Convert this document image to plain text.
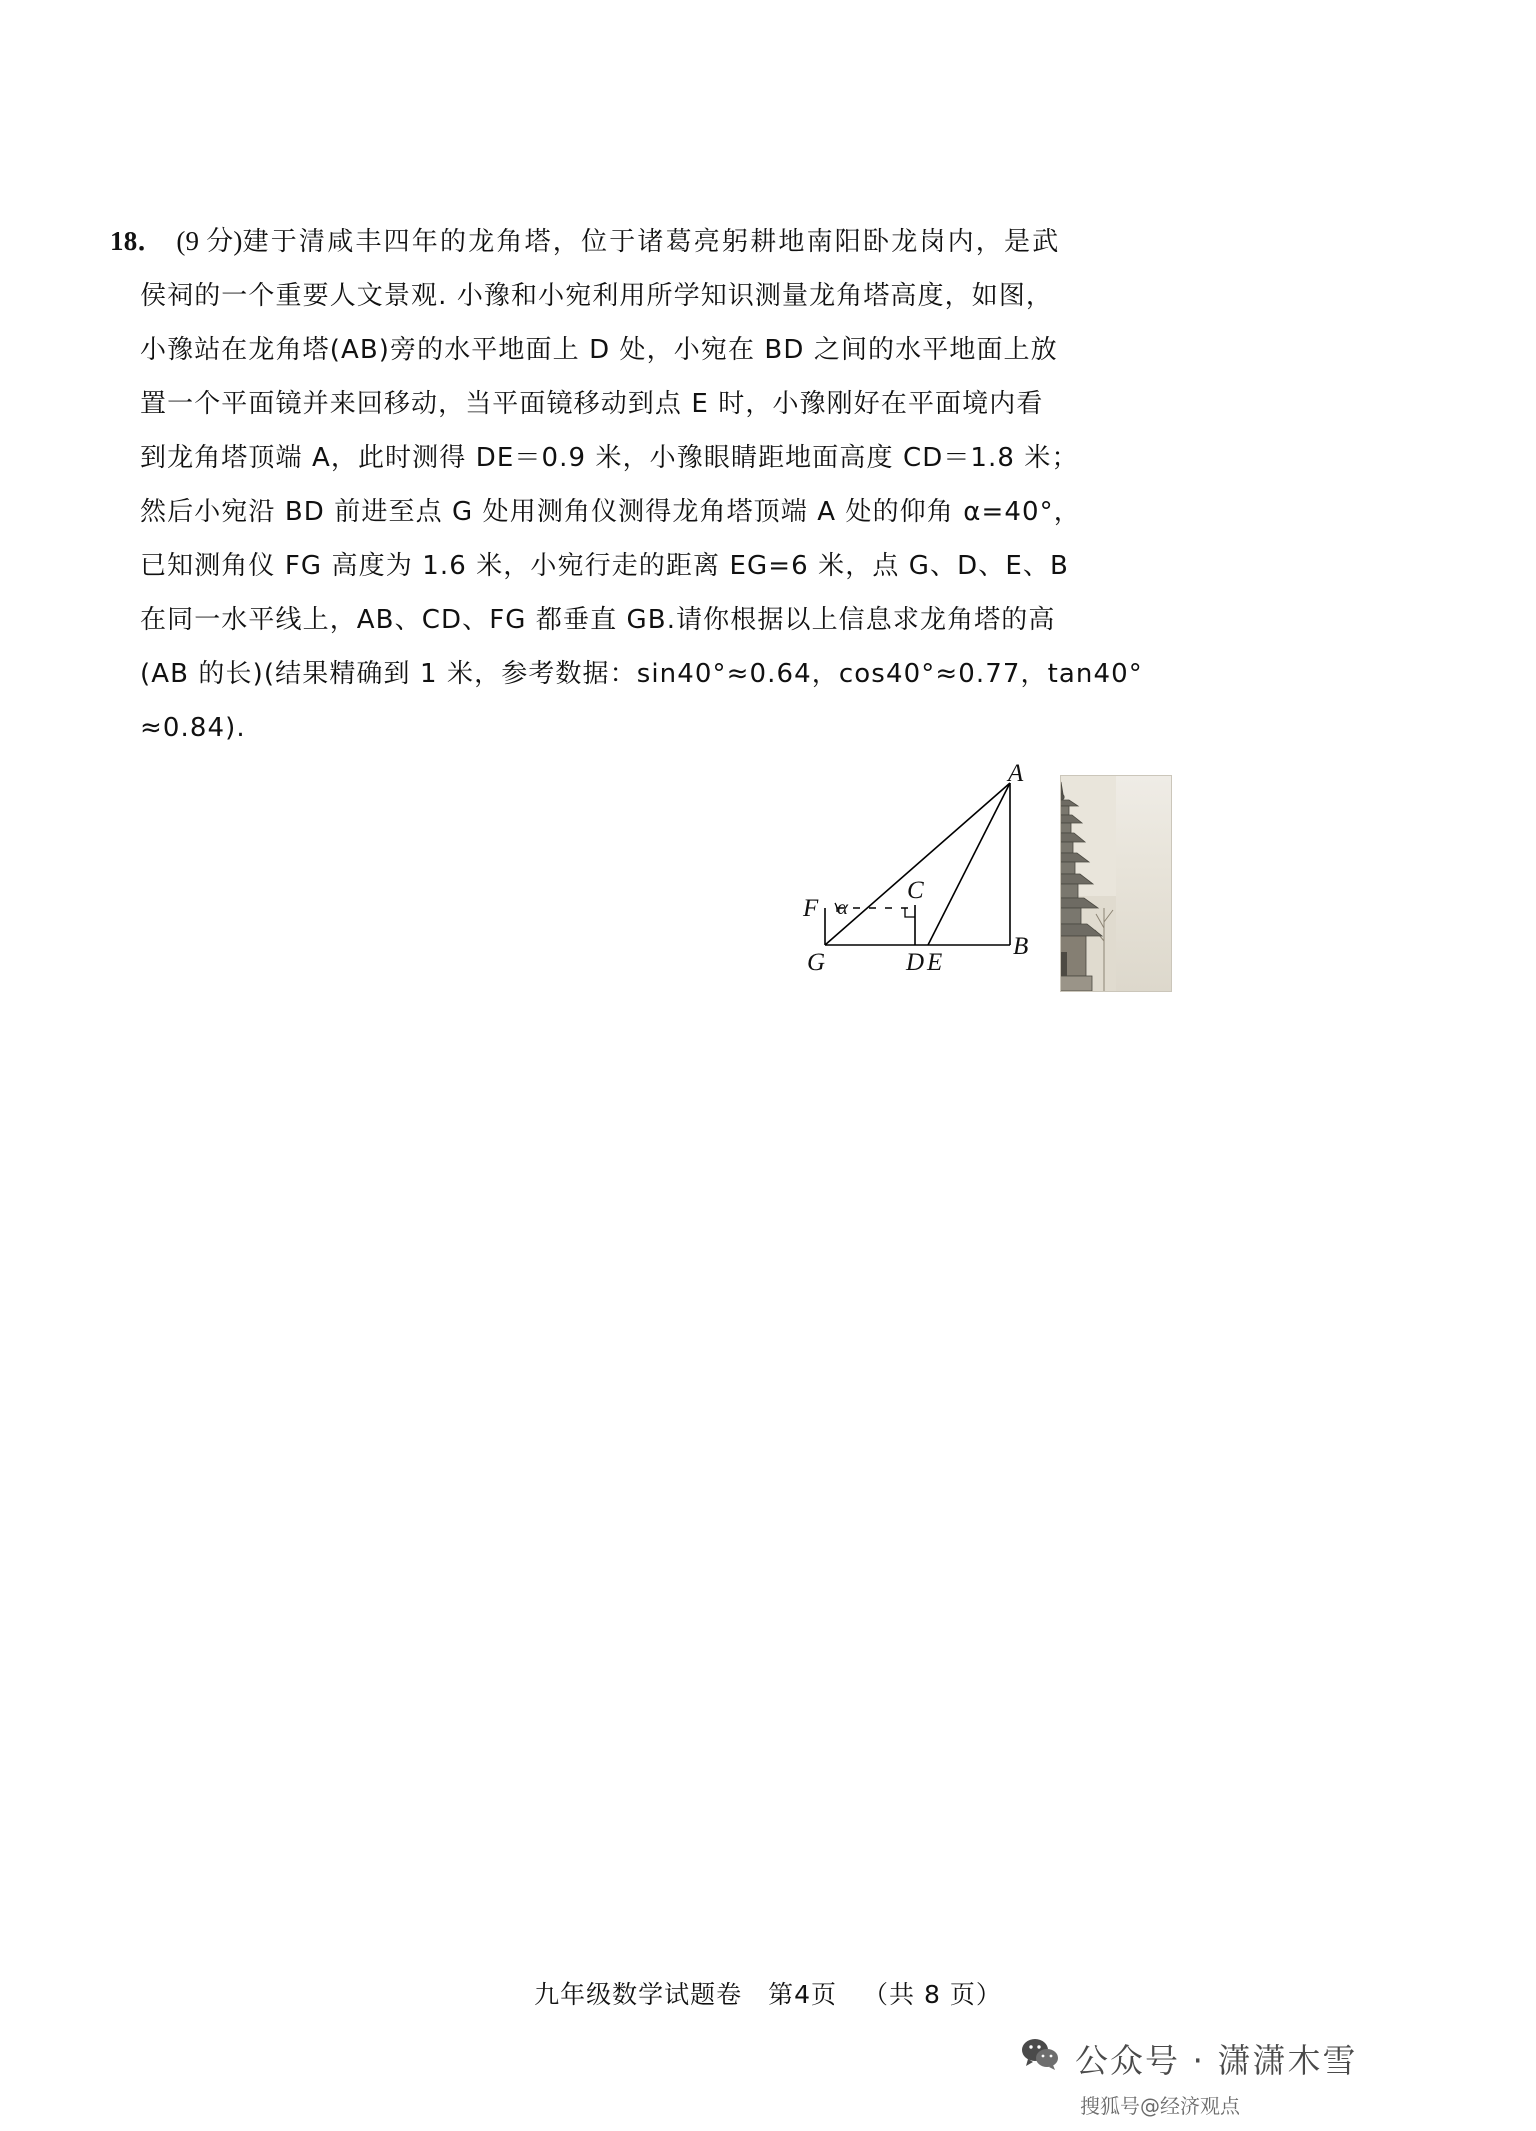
18． (9 分)建于清咸丰四年的龙角塔，位于诸葛亮躬耕地南阳卧龙岗内，是武
侯祠的一个重要人文景观. 小豫和小宛利用所学知识测量龙角塔高度，如图，
小豫站在龙角塔(AB)旁的水平地面上 D 处，小宛在 BD 之间的水平地面上放
置一个平面镜并来回移动，当平面镜移动到点 E 时，小豫刚好在平面境内看
到龙角塔顶端 A，此时测得 DE＝0.9 米，小豫眼睛距地面高度 CD＝1.8 米；
然后小宛沿 BD 前进至点 G 处用测角仪测得龙角塔顶端 A 处的仰角 α=40°，
已知测角仪 FG 高度为 1.6 米，小宛行走的距离 EG=6 米，点 G、D、E、B
在同一水平线上，AB、CD、FG 都垂直 GB.请你根据以上信息求龙角塔的高
(AB 的长)(结果精确到 1 米，参考数据：sin40°≈0.64，cos40°≈0.77，tan40°
≈0.84).
A
B
C
D E
F
G
α
九年级数学试题卷 第4页 （共 8 页）
公众号 · 潇潇木雪
搜狐号@经济观点
